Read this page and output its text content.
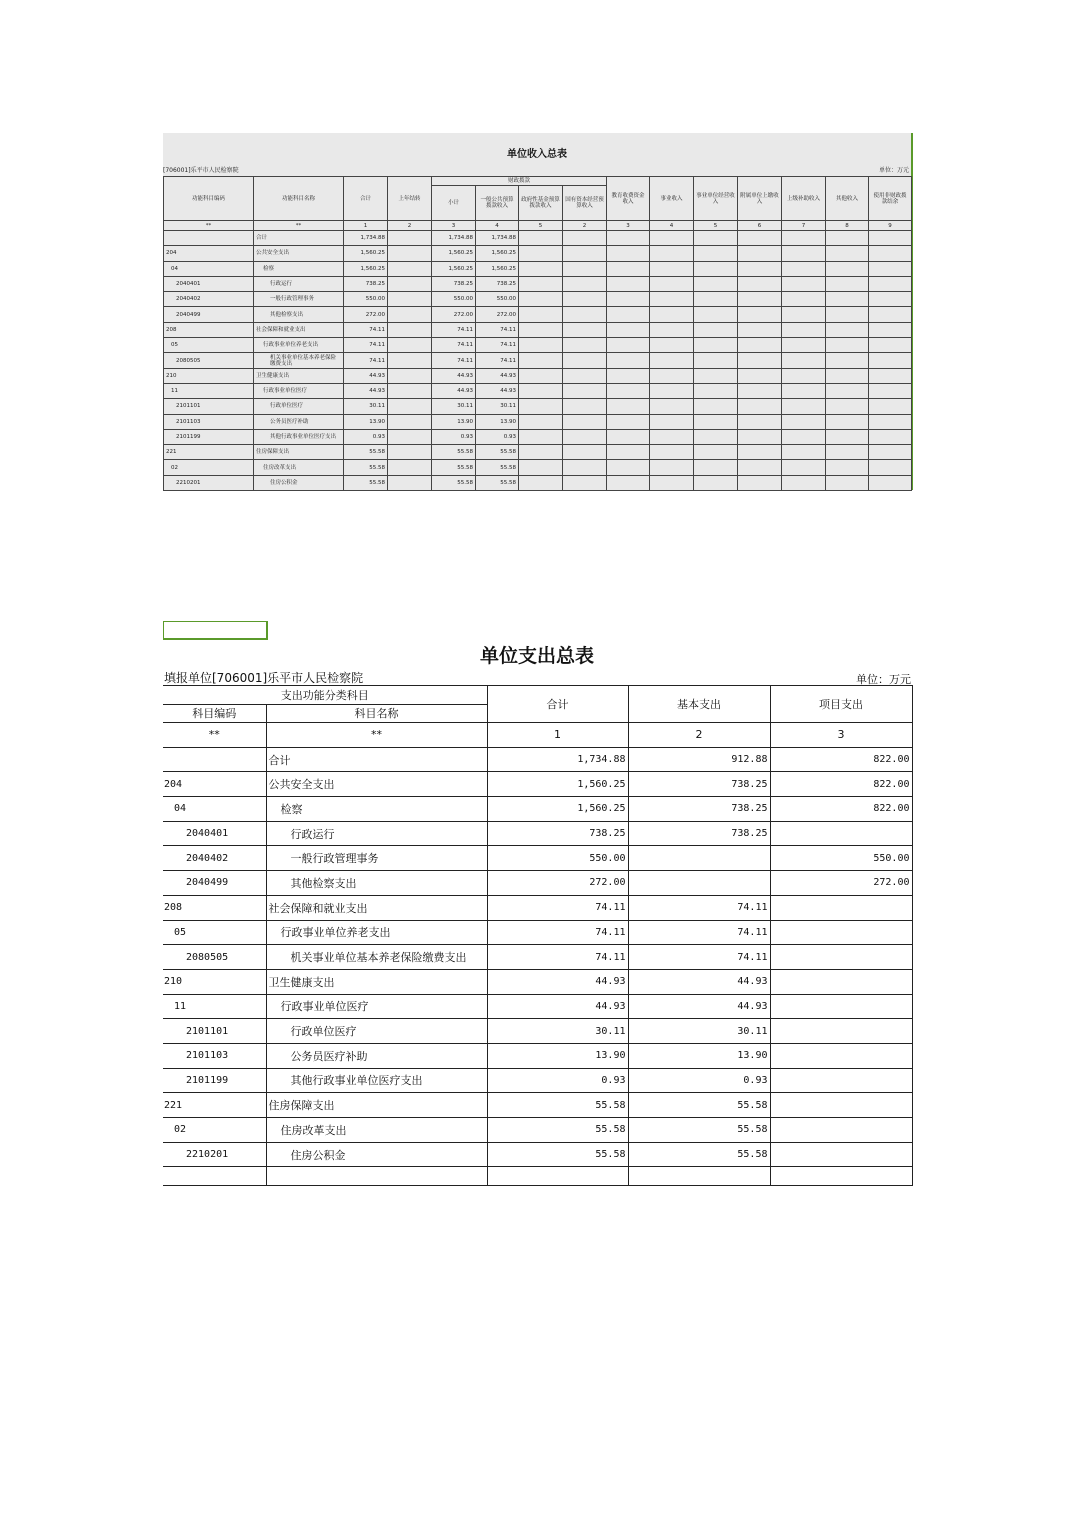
单位收入总表
[706001]乐平市人民检察院	单位：万元
功能科目编码	功能科目名称	合计	上年结转	财政拨款				教育收费资金收入	事业收入	事业单位经营收入	附属单位上缴收入	上级补助收入	其他收入	使用非财政拨款结余
				小计	一般公共预算拨款收入	政府性基金预算拨款收入	国有资本经营预算收入							
**	**	1	2	3	4	5	2	3	4	5	6	7	8	9
	合计	1,734.88		1,734.88	1,734.88									
204	公共安全支出	1,560.25		1,560.25	1,560.25									
04	检察	1,560.25		1,560.25	1,560.25									
2040401	行政运行	738.25		738.25	738.25									
2040402	一般行政管理事务	550.00		550.00	550.00									
2040499	其他检察支出	272.00		272.00	272.00									
208	社会保障和就业支出	74.11		74.11	74.11									
05	行政事业单位养老支出	74.11		74.11	74.11									
2080505	机关事业单位基本养老保险缴费支出	74.11		74.11	74.11									
210	卫生健康支出	44.93		44.93	44.93									
11	行政事业单位医疗	44.93		44.93	44.93									
2101101	行政单位医疗	30.11		30.11	30.11									
2101103	公务员医疗补助	13.90		13.90	13.90									
2101199	其他行政事业单位医疗支出	0.93		0.93	0.93									
221	住房保障支出	55.58		55.58	55.58									
02	住房改革支出	55.58		55.58	55.58									
2210201	住房公积金	55.58		55.58	55.58									
单位支出总表
填报单位[706001]乐平市人民检察院	单位：万元
支出功能分类科目		合计	基本支出	项目支出
科目编码	科目名称			
**	**	1	2	3
	合计	1,734.88	912.88	822.00
204	公共安全支出	1,560.25	738.25	822.00
04	检察	1,560.25	738.25	822.00
2040401	行政运行	738.25	738.25	
2040402	一般行政管理事务	550.00		550.00
2040499	其他检察支出	272.00		272.00
208	社会保障和就业支出	74.11	74.11	
05	行政事业单位养老支出	74.11	74.11	
2080505	机关事业单位基本养老保险缴费支出	74.11	74.11	
210	卫生健康支出	44.93	44.93	
11	行政事业单位医疗	44.93	44.93	
2101101	行政单位医疗	30.11	30.11	
2101103	公务员医疗补助	13.90	13.90	
2101199	其他行政事业单位医疗支出	0.93	0.93	
221	住房保障支出	55.58	55.58	
02	住房改革支出	55.58	55.58	
2210201	住房公积金	55.58	55.58	
